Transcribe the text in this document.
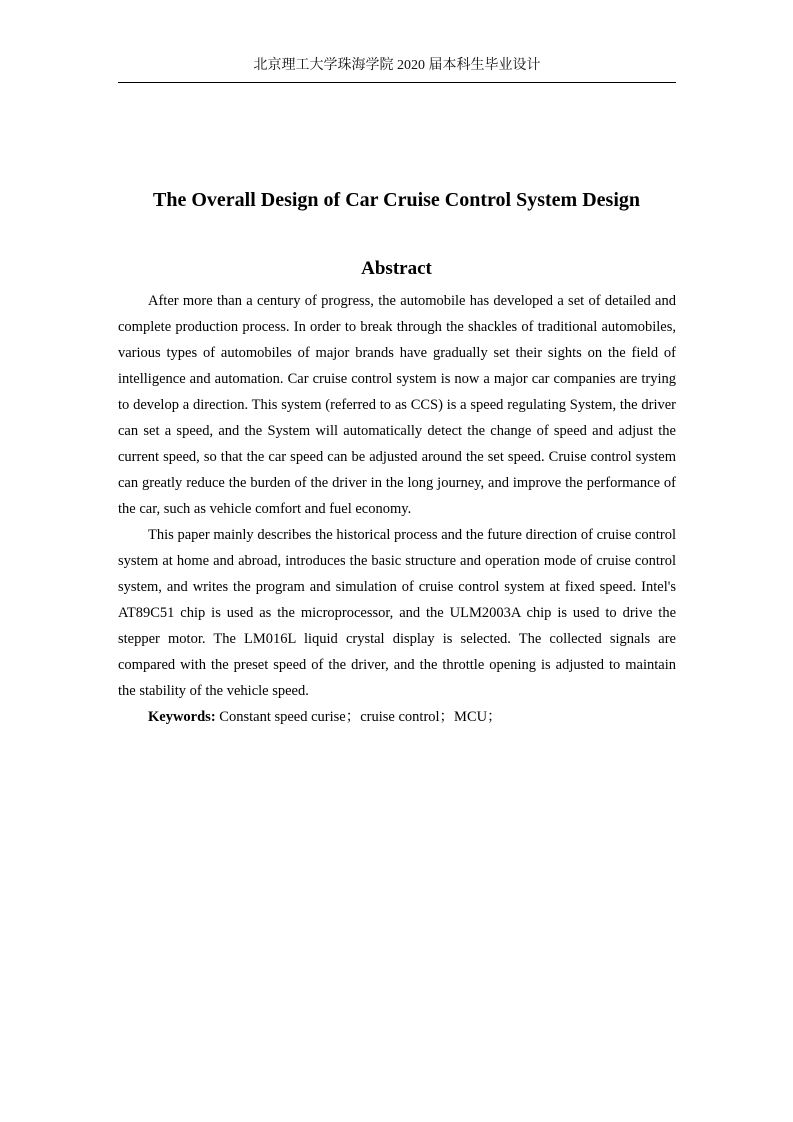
北京理工大学珠海学院 2020 届本科生毕业设计
The Overall Design of Car Cruise Control System Design
Abstract

After more than a century of progress, the automobile has developed a set of detailed and complete production process. In order to break through the shackles of traditional automobiles, various types of automobiles of major brands have gradually set their sights on the field of intelligence and automation. Car cruise control system is now a major car companies are trying to develop a direction. This system (referred to as CCS) is a speed regulating System, the driver can set a speed, and the System will automatically detect the change of speed and adjust the current speed, so that the car speed can be adjusted around the set speed. Cruise control system can greatly reduce the burden of the driver in the long journey, and improve the performance of the car, such as vehicle comfort and fuel economy.

This paper mainly describes the historical process and the future direction of cruise control system at home and abroad, introduces the basic structure and operation mode of cruise control system, and writes the program and simulation of cruise control system at fixed speed. Intel's AT89C51 chip is used as the microprocessor, and the ULM2003A chip is used to drive the stepper motor. The LM016L liquid crystal display is selected. The collected signals are compared with the preset speed of the driver, and the throttle opening is adjusted to maintain the stability of the vehicle speed.

Keywords: Constant speed curise；cruise control；MCU；
